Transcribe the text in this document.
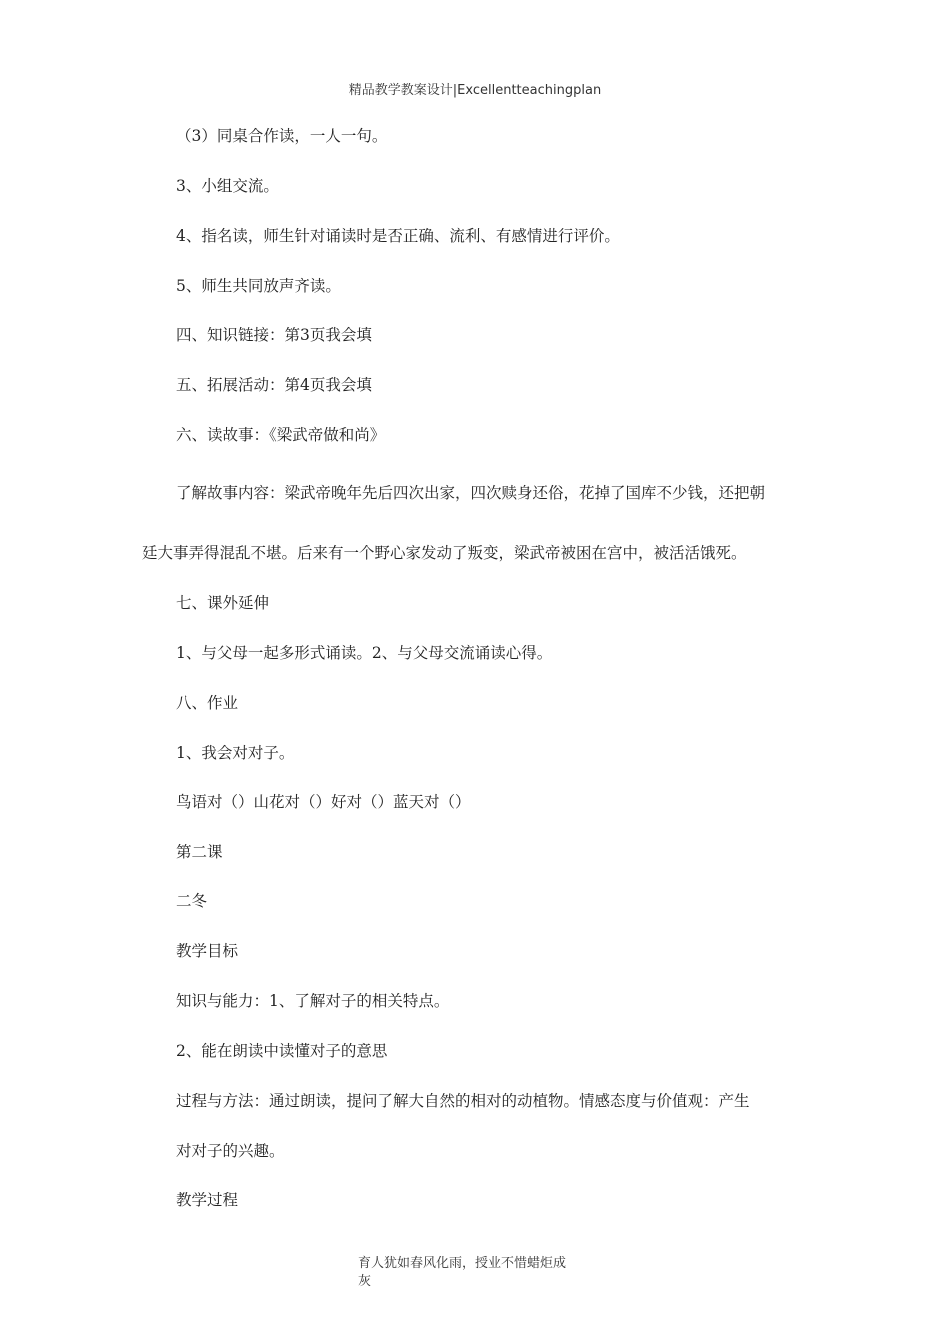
精品教学教案设计|Excellentteachingplan
（3）同桌合作读，一人一句。
3、小组交流。
4、指名读，师生针对诵读时是否正确、流利、有感情进行评价。
5、师生共同放声齐读。
四、知识链接：第3页我会填
五、拓展活动：第4页我会填
六、读故事：《梁武帝做和尚》
了解故事内容：梁武帝晚年先后四次出家，四次赎身还俗，花掉了国库不少钱，还把朝
廷大事弄得混乱不堪。后来有一个野心家发动了叛变，梁武帝被困在宫中，被活活饿死。
七、课外延伸
1、与父母一起多形式诵读。2、与父母交流诵读心得。
八、作业
1、我会对对子。
鸟语对（）山花对（）好对（）蓝天对（）
第二课
二冬
教学目标
知识与能力：1、了解对子的相关特点。
2、能在朗读中读懂对子的意思
过程与方法：通过朗读，提问了解大自然的相对的动植物。情感态度与价值观：产生
对对子的兴趣。
教学过程
育人犹如春风化雨，授业不惜蜡炬成
灰
